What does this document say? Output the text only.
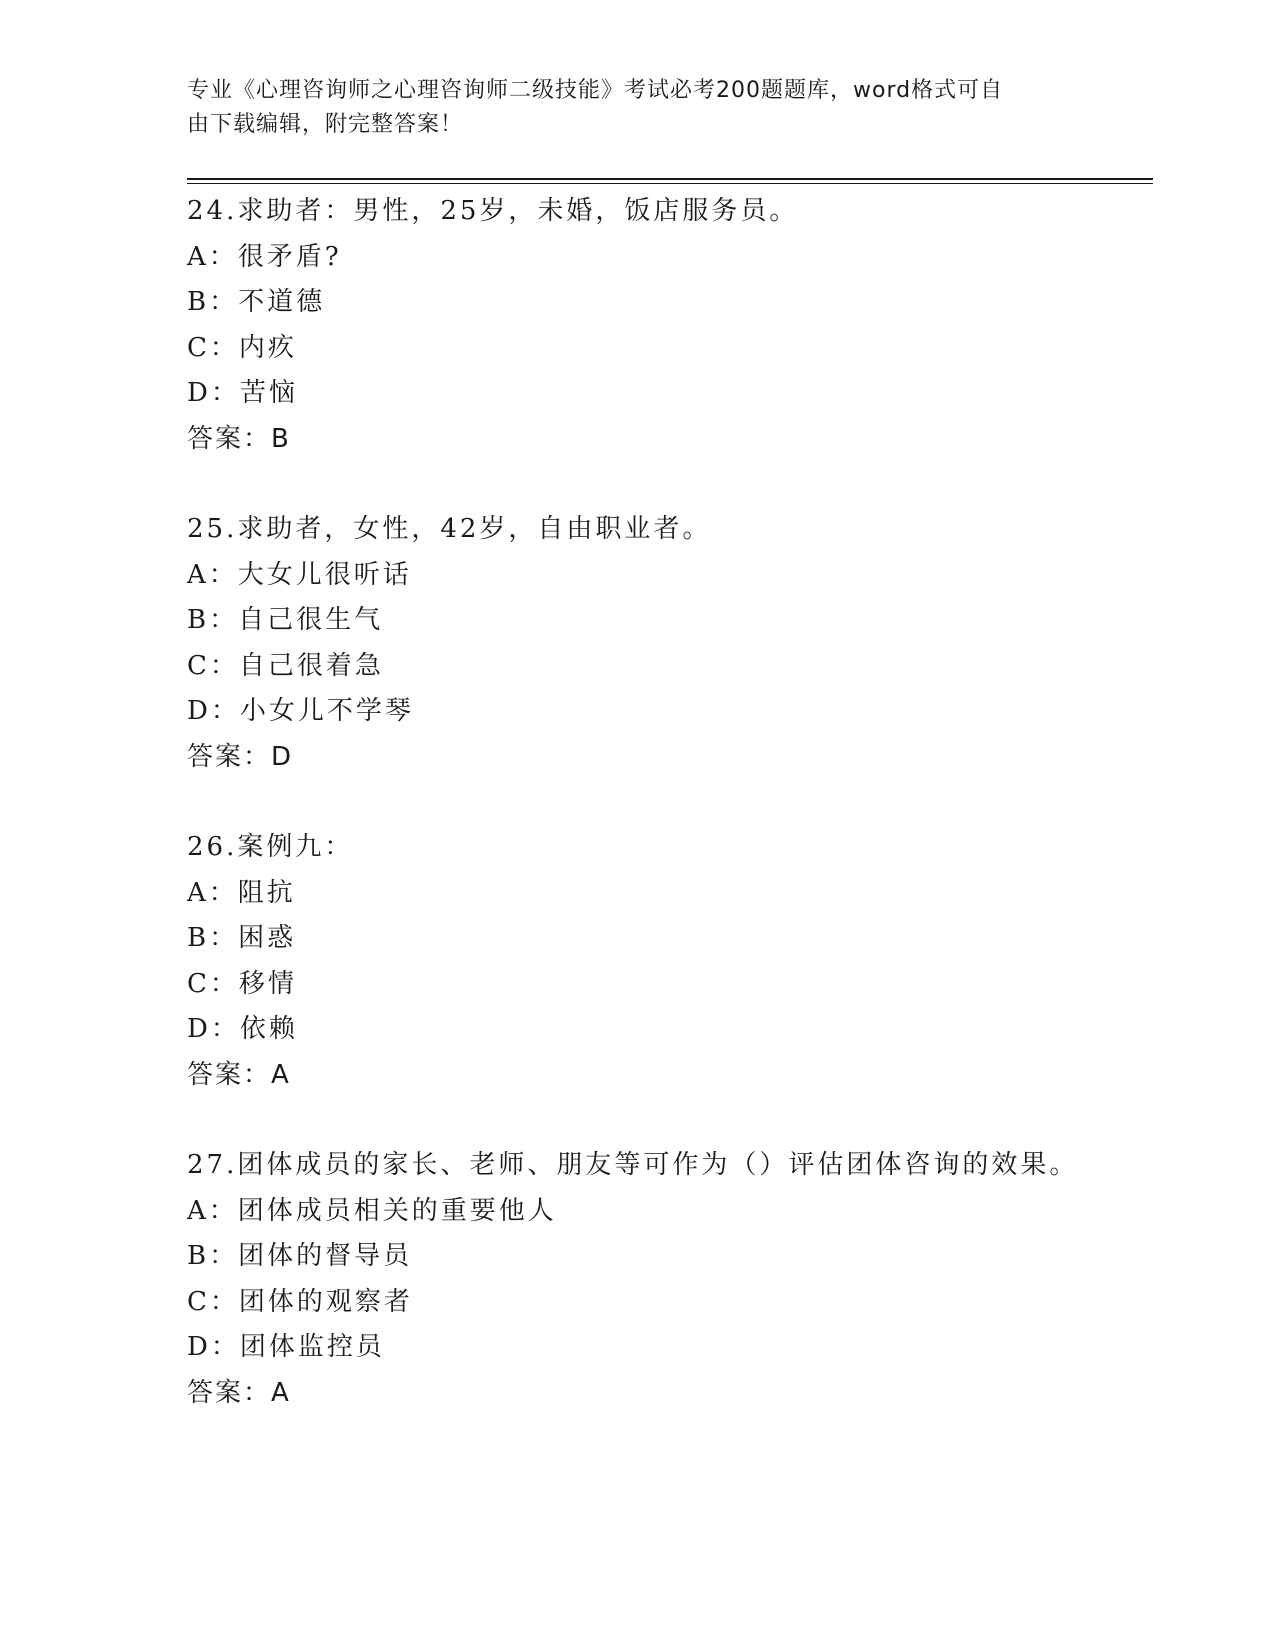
专业《心理咨询师之心理咨询师二级技能》考试必考200题题库，word格式可自

由下载编辑，附完整答案！

24.求助者：男性，25岁，未婚，饭店服务员。
A：很矛盾?
B：不道德
C：内疚
D：苦恼
答案：B
25.求助者，女性，42岁，自由职业者。
A：大女儿很听话
B：自己很生气
C：自己很着急
D：小女儿不学琴
答案：D
26.案例九：
A：阻抗
B：困惑
C：移情
D：依赖
答案：A
27.团体成员的家长、老师、朋友等可作为（）评估团体咨询的效果。
A：团体成员相关的重要他人
B：团体的督导员
C：团体的观察者
D：团体监控员
答案：A
